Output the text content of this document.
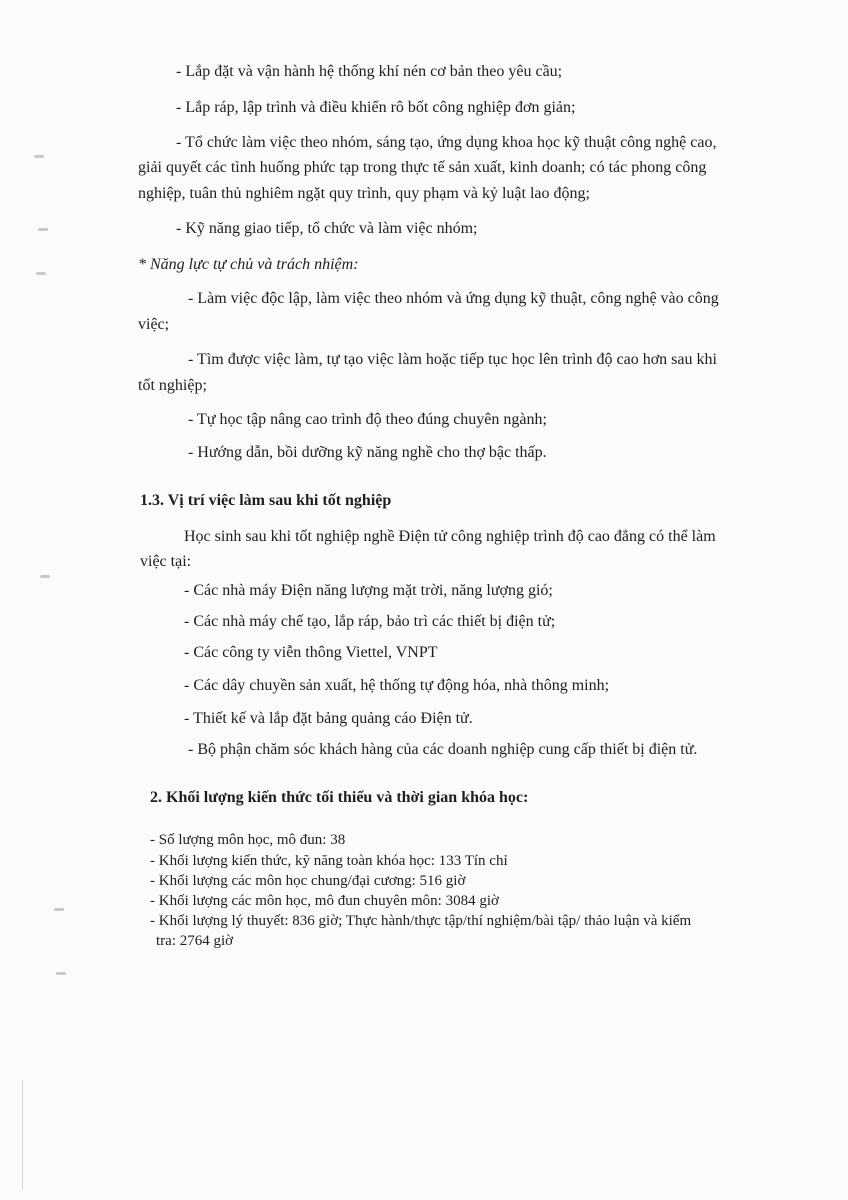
- Lắp đặt và vận hành hệ thống khí nén cơ bản theo yêu cầu;
- Lắp ráp, lập trình và điều khiển rô bốt công nghiệp đơn giản;
- Tổ chức làm việc theo nhóm, sáng tạo, ứng dụng khoa học kỹ thuật công nghệ cao,
giải quyết các tình huống phức tạp trong thực tế sản xuất, kinh doanh; có tác phong công
nghiệp, tuân thủ nghiêm ngặt quy trình, quy phạm và kỷ luật lao động;
- Kỹ năng giao tiếp, tổ chức và làm việc nhóm;
* Năng lực tự chủ và trách nhiệm:
- Làm việc độc lập, làm việc theo nhóm và ứng dụng kỹ thuật, công nghệ vào công
việc;
- Tìm được việc làm, tự tạo việc làm hoặc tiếp tục học lên trình độ cao hơn sau khi
tốt nghiệp;
- Tự học tập nâng cao trình độ theo đúng chuyên ngành;
- Hướng dẫn, bồi dưỡng kỹ năng nghề cho thợ bậc thấp.
1.3. Vị trí việc làm sau khi tốt nghiệp
Học sinh sau khi tốt nghiệp nghề Điện tử công nghiệp trình độ cao đẳng có thể làm
việc tại:
- Các nhà máy Điện năng lượng mặt trời, năng lượng gió;
- Các nhà máy chế tạo, lắp ráp, bảo trì các thiết bị điện tử;
- Các công ty viễn thông Viettel, VNPT
- Các dây chuyền sản xuất, hệ thống tự động hóa, nhà thông minh;
- Thiết kế và lắp đặt bảng quảng cáo Điện tử.
- Bộ phận chăm sóc khách hàng của các doanh nghiệp cung cấp thiết bị điện tử.
2. Khối lượng kiến thức tối thiểu và thời gian khóa học:
- Số lượng môn học, mô đun: 38
- Khối lượng kiến thức, kỹ năng toàn khóa học: 133 Tín chỉ
- Khối lượng các môn học chung/đại cương: 516 giờ
- Khối lượng các môn học, mô đun chuyên môn: 3084 giờ
- Khối lượng lý thuyết: 836 giờ; Thực hành/thực tập/thí nghiệm/bài tập/ thảo luận và kiểm
tra: 2764 giờ
